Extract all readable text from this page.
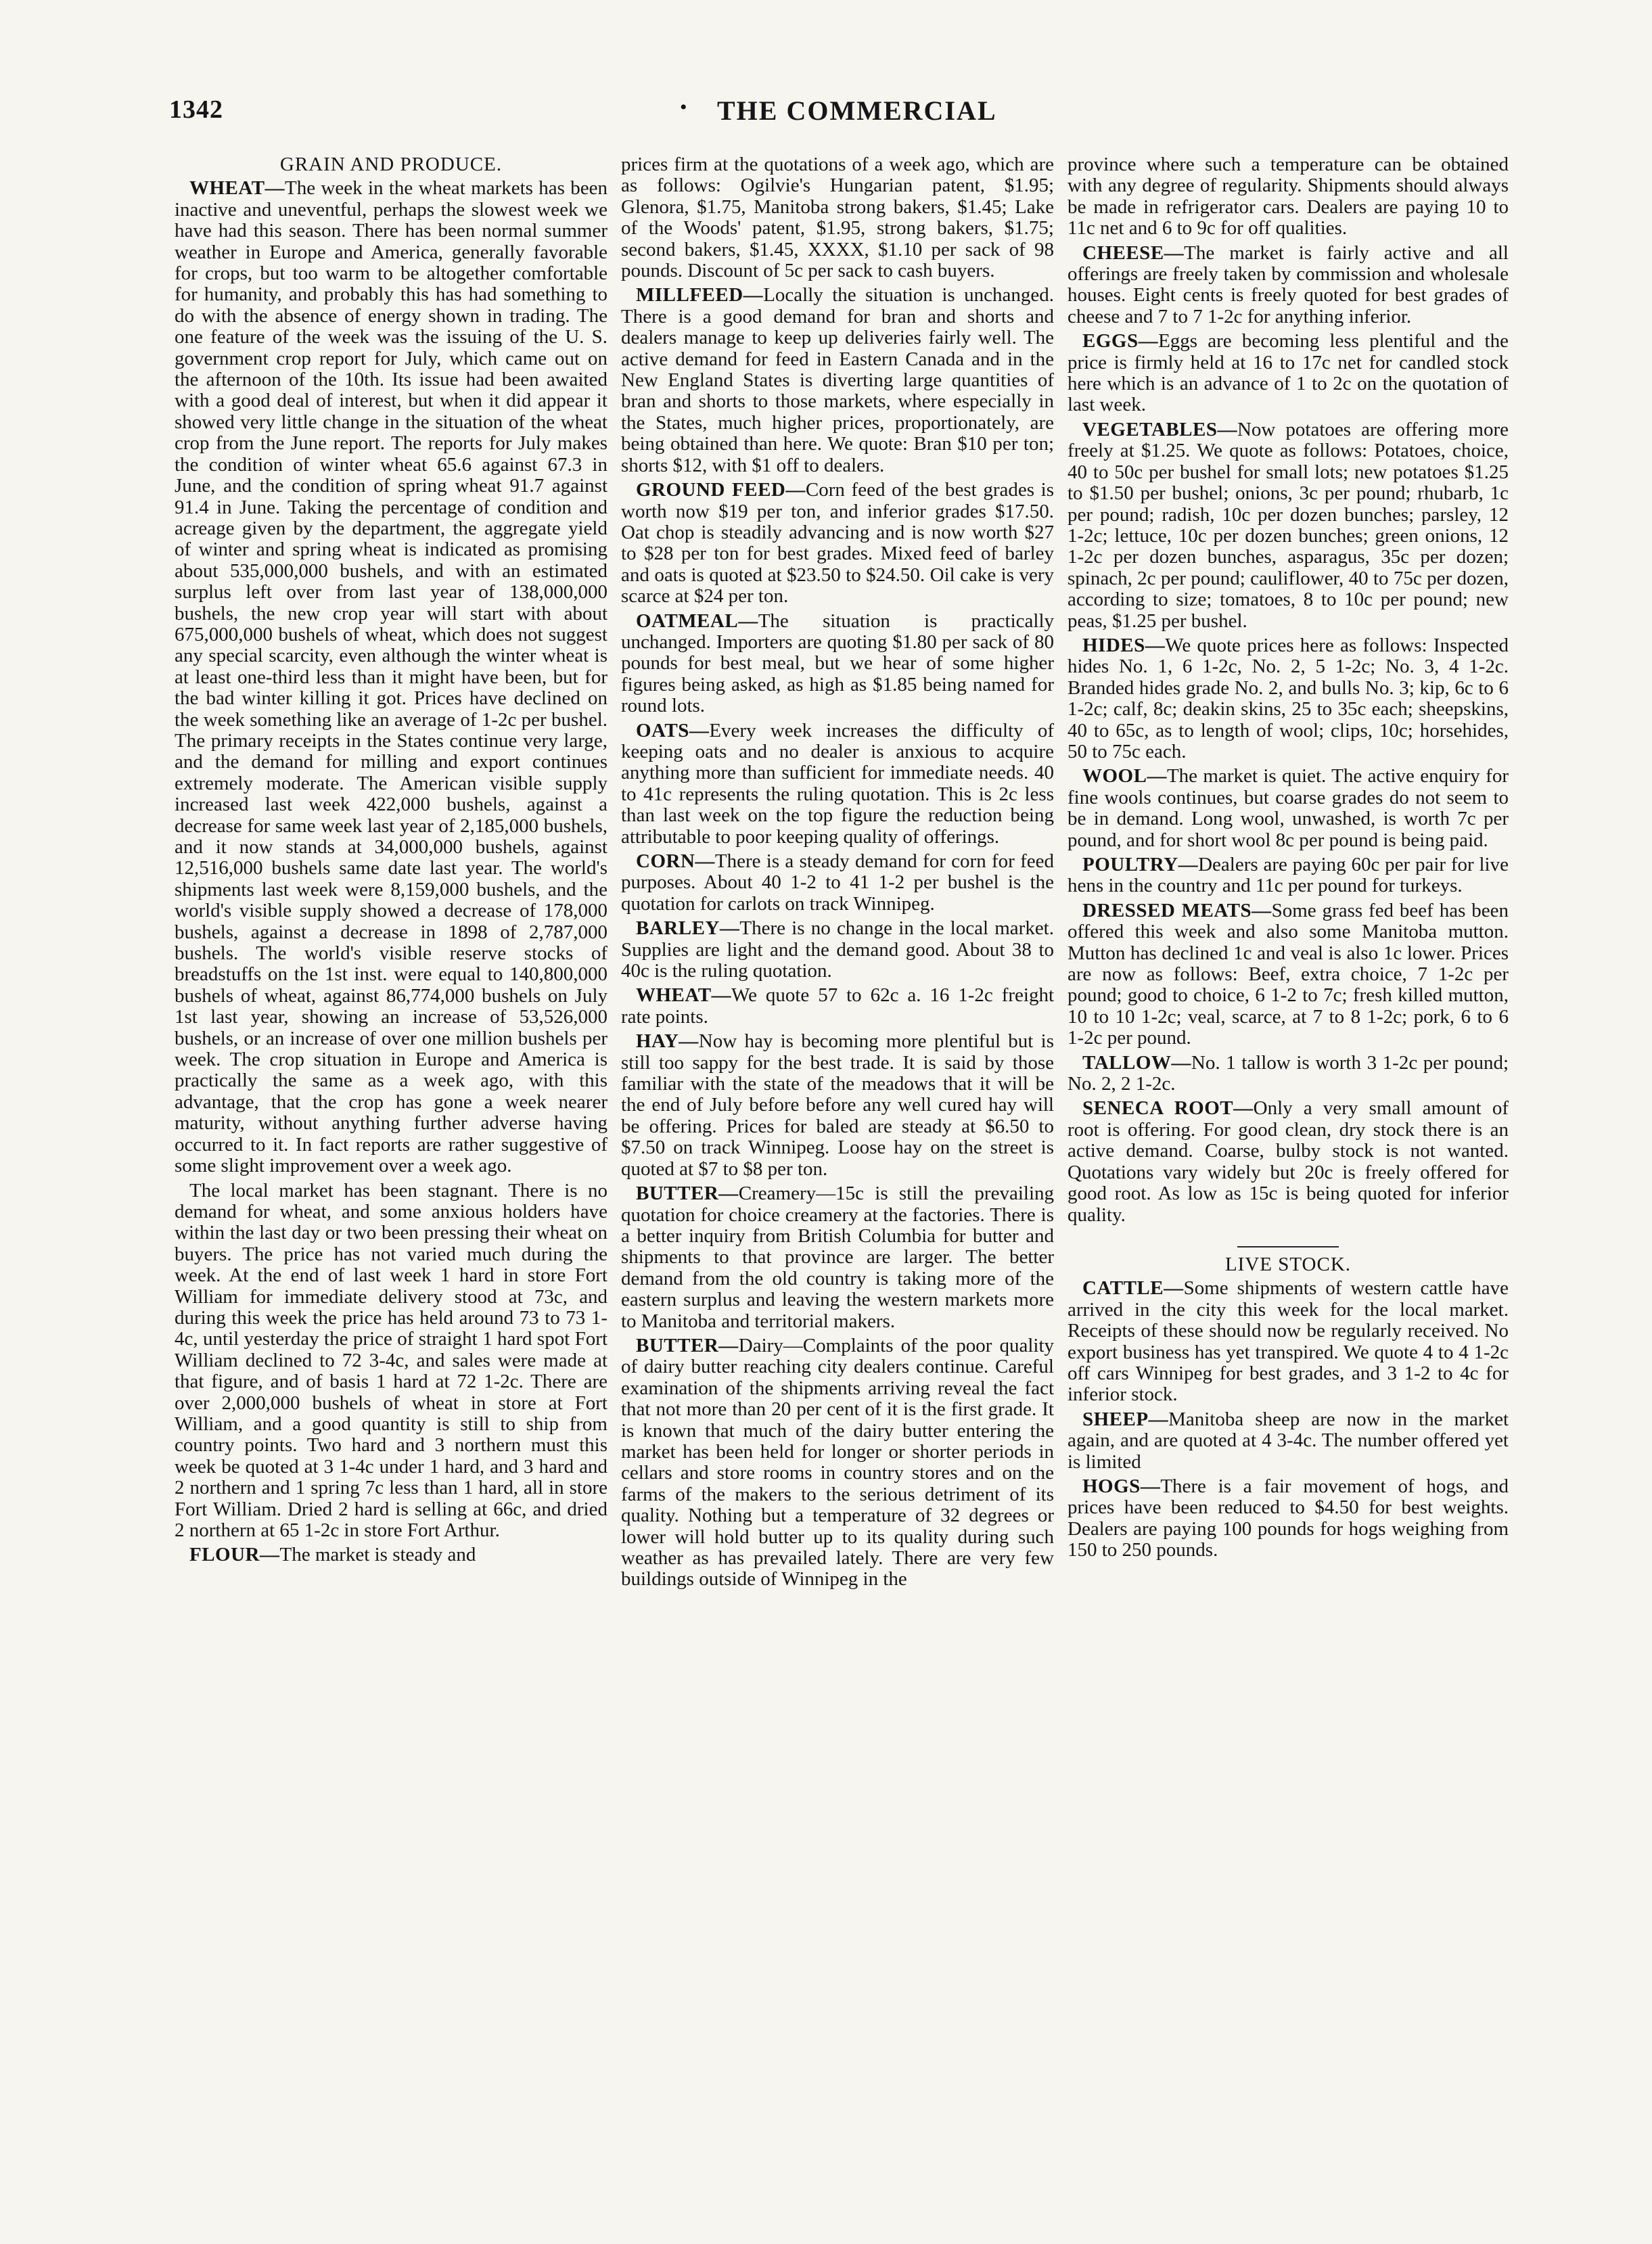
1342	• THE COMMERCIAL
GRAIN AND PRODUCE.

WHEAT—The week in the wheat markets has been inactive and uneventful, perhaps the slowest week we have had this season. There has been normal summer weather in Europe and America, generally favorable for crops, but too warm to be altogether comfortable for humanity, and probably this has had something to do with the absence of energy shown in trading. The one feature of the week was the issuing of the U. S. government crop report for July, which came out on the afternoon of the 10th. Its issue had been awaited with a good deal of interest, but when it did appear it showed very little change in the situation of the wheat crop from the June report. The reports for July makes the condition of winter wheat 65.6 against 67.3 in June, and the condition of spring wheat 91.7 against 91.4 in June. Taking the percentage of condition and acreage given by the department, the aggregate yield of winter and spring wheat is indicated as promising about 535,000,000 bushels, and with an estimated surplus left over from last year of 138,000,000 bushels, the new crop year will start with about 675,000,000 bushels of wheat, which does not suggest any special scarcity, even although the winter wheat is at least one-third less than it might have been, but for the bad winter killing it got. Prices have declined on the week something like an average of 1-2c per bushel. The primary receipts in the States continue very large, and the demand for milling and export continues extremely moderate. The American visible supply increased last week 422,000 bushels, against a decrease for same week last year of 2,185,000 bushels, and it now stands at 34,000,000 bushels, against 12,516,000 bushels same date last year. The world's shipments last week were 8,159,000 bushels, and the world's visible supply showed a decrease of 178,000 bushels, against a decrease in 1898 of 2,787,000 bushels. The world's visible reserve stocks of breadstuffs on the 1st inst. were equal to 140,800,000 bushels of wheat, against 86,774,000 bushels on July 1st last year, showing an increase of 53,526,000 bushels, or an increase of over one million bushels per week. The crop situation in Europe and America is practically the same as a week ago, with this advantage, that the crop has gone a week nearer maturity, without anything further adverse having occurred to it. In fact reports are rather suggestive of some slight improvement over a week ago.

The local market has been stagnant. There is no demand for wheat, and some anxious holders have within the last day or two been pressing their wheat on buyers. The price has not varied much during the week. At the end of last week 1 hard in store Fort William for immediate delivery stood at 73c, and during this week the price has held around 73 to 73 1-4c, until yesterday the price of straight 1 hard spot Fort William declined to 72 3-4c, and sales were made at that figure, and of basis 1 hard at 72 1-2c. There are over 2,000,000 bushels of wheat in store at Fort William, and a good quantity is still to ship from country points. Two hard and 3 northern must this week be quoted at 3 1-4c under 1 hard, and 3 hard and 2 northern and 1 spring 7c less than 1 hard, all in store Fort William. Dried 2 hard is selling at 66c, and dried 2 northern at 65 1-2c in store Fort Arthur.

FLOUR—The market is steady and

prices firm at the quotations of a week ago, which are as follows: Ogilvie's Hungarian patent, $1.95; Glenora, $1.75, Manitoba strong bakers, $1.45; Lake of the Woods' patent, $1.95, strong bakers, $1.75; second bakers, $1.45, XXXX, $1.10 per sack of 98 pounds. Discount of 5c per sack to cash buyers.

MILLFEED—Locally the situation is unchanged. There is a good demand for bran and shorts and dealers manage to keep up deliveries fairly well. The active demand for feed in Eastern Canada and in the New England States is diverting large quantities of bran and shorts to those markets, where especially in the States, much higher prices, proportionately, are being obtained than here. We quote: Bran $10 per ton; shorts $12, with $1 off to dealers.

GROUND FEED—Corn feed of the best grades is worth now $19 per ton, and inferior grades $17.50. Oat chop is steadily advancing and is now worth $27 to $28 per ton for best grades. Mixed feed of barley and oats is quoted at $23.50 to $24.50. Oil cake is very scarce at $24 per ton.

OATMEAL—The situation is practically unchanged. Importers are quoting $1.80 per sack of 80 pounds for best meal, but we hear of some higher figures being asked, as high as $1.85 being named for round lots.

OATS—Every week increases the difficulty of keeping oats and no dealer is anxious to acquire anything more than sufficient for immediate needs. 40 to 41c represents the ruling quotation. This is 2c less than last week on the top figure the reduction being attributable to poor keeping quality of offerings.

CORN—There is a steady demand for corn for feed purposes. About 40 1-2 to 41 1-2 per bushel is the quotation for carlots on track Winnipeg.

BARLEY—There is no change in the local market. Supplies are light and the demand good. About 38 to 40c is the ruling quotation.

WHEAT—We quote 57 to 62c a. 16 1-2c freight rate points.

HAY—Now hay is becoming more plentiful but is still too sappy for the best trade. It is said by those familiar with the state of the meadows that it will be the end of July before before any well cured hay will be offering. Prices for baled are steady at $6.50 to $7.50 on track Winnipeg. Loose hay on the street is quoted at $7 to $8 per ton.

BUTTER—Creamery—15c is still the prevailing quotation for choice creamery at the factories. There is a better inquiry from British Columbia for butter and shipments to that province are larger. The better demand from the old country is taking more of the eastern surplus and leaving the western markets more to Manitoba and territorial makers.

BUTTER—Dairy—Complaints of the poor quality of dairy butter reaching city dealers continue. Careful examination of the shipments arriving reveal the fact that not more than 20 per cent of it is the first grade. It is known that much of the dairy butter entering the market has been held for longer or shorter periods in cellars and store rooms in country stores and on the farms of the makers to the serious detriment of its quality. Nothing but a temperature of 32 degrees or lower will hold butter up to its quality during such weather as has prevailed lately. There are very few buildings outside of Winnipeg in the

province where such a temperature can be obtained with any degree of regularity. Shipments should always be made in refrigerator cars. Dealers are paying 10 to 11c net and 6 to 9c for off qualities.

CHEESE—The market is fairly active and all offerings are freely taken by commission and wholesale houses. Eight cents is freely quoted for best grades of cheese and 7 to 7 1-2c for anything inferior.

EGGS—Eggs are becoming less plentiful and the price is firmly held at 16 to 17c net for candled stock here which is an advance of 1 to 2c on the quotation of last week.

VEGETABLES—Now potatoes are offering more freely at $1.25. We quote as follows: Potatoes, choice, 40 to 50c per bushel for small lots; new potatoes $1.25 to $1.50 per bushel; onions, 3c per pound; rhubarb, 1c per pound; radish, 10c per dozen bunches; parsley, 12 1-2c; lettuce, 10c per dozen bunches; green onions, 12 1-2c per dozen bunches, asparagus, 35c per dozen; spinach, 2c per pound; cauliflower, 40 to 75c per dozen, according to size; tomatoes, 8 to 10c per pound; new peas, $1.25 per bushel.

HIDES—We quote prices here as follows: Inspected hides No. 1, 6 1-2c, No. 2, 5 1-2c; No. 3, 4 1-2c. Branded hides grade No. 2, and bulls No. 3; kip, 6c to 6 1-2c; calf, 8c; deakin skins, 25 to 35c each; sheepskins, 40 to 65c, as to length of wool; clips, 10c; horsehides, 50 to 75c each.

WOOL—The market is quiet. The active enquiry for fine wools continues, but coarse grades do not seem to be in demand. Long wool, unwashed, is worth 7c per pound, and for short wool 8c per pound is being paid.

POULTRY—Dealers are paying 60c per pair for live hens in the country and 11c per pound for turkeys.

DRESSED MEATS—Some grass fed beef has been offered this week and also some Manitoba mutton. Mutton has declined 1c and veal is also 1c lower. Prices are now as follows: Beef, extra choice, 7 1-2c per pound; good to choice, 6 1-2 to 7c; fresh killed mutton, 10 to 10 1-2c; veal, scarce, at 7 to 8 1-2c; pork, 6 to 6 1-2c per pound.

TALLOW—No. 1 tallow is worth 3 1-2c per pound; No. 2, 2 1-2c.

SENECA ROOT—Only a very small amount of root is offering. For good clean, dry stock there is an active demand. Coarse, bulby stock is not wanted. Quotations vary widely but 20c is freely offered for good root. As low as 15c is being quoted for inferior quality.

LIVE STOCK.

CATTLE—Some shipments of western cattle have arrived in the city this week for the local market. Receipts of these should now be regularly received. No export business has yet transpired. We quote 4 to 4 1-2c off cars Winnipeg for best grades, and 3 1-2 to 4c for inferior stock.

SHEEP—Manitoba sheep are now in the market again, and are quoted at 4 3-4c. The number offered yet is limited

HOGS—There is a fair movement of hogs, and prices have been reduced to $4.50 for best weights. Dealers are paying 100 pounds for hogs weighing from 150 to 250 pounds.
